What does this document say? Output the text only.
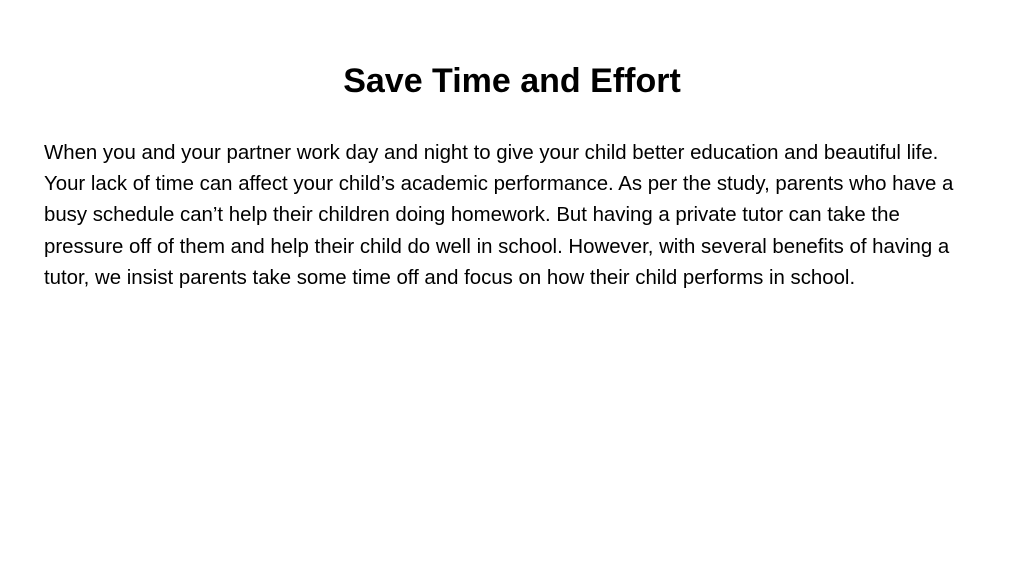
Save Time and Effort

When you and your partner work day and night to give your child better education and beautiful life. Your lack of time can affect your child’s academic performance. As per the study, parents who have a busy schedule can’t help their children doing homework. But having a private tutor can take the pressure off of them and help their child do well in school. However, with several benefits of having a tutor, we insist parents take some time off and focus on how their child performs in school.
